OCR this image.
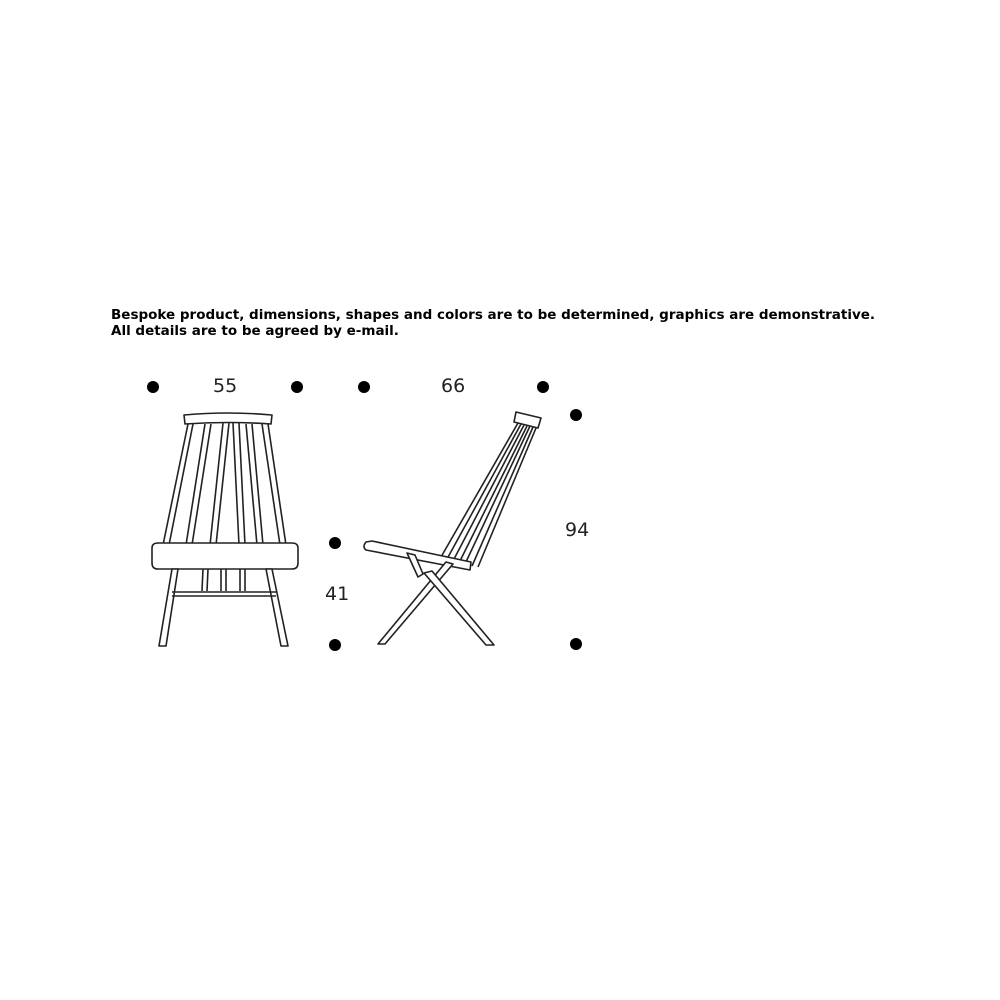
Bespoke product, dimensions, shapes and colors are to be determined, graphics are demonstrative. All details are to be agreed by e-mail.
55	66
94
41
